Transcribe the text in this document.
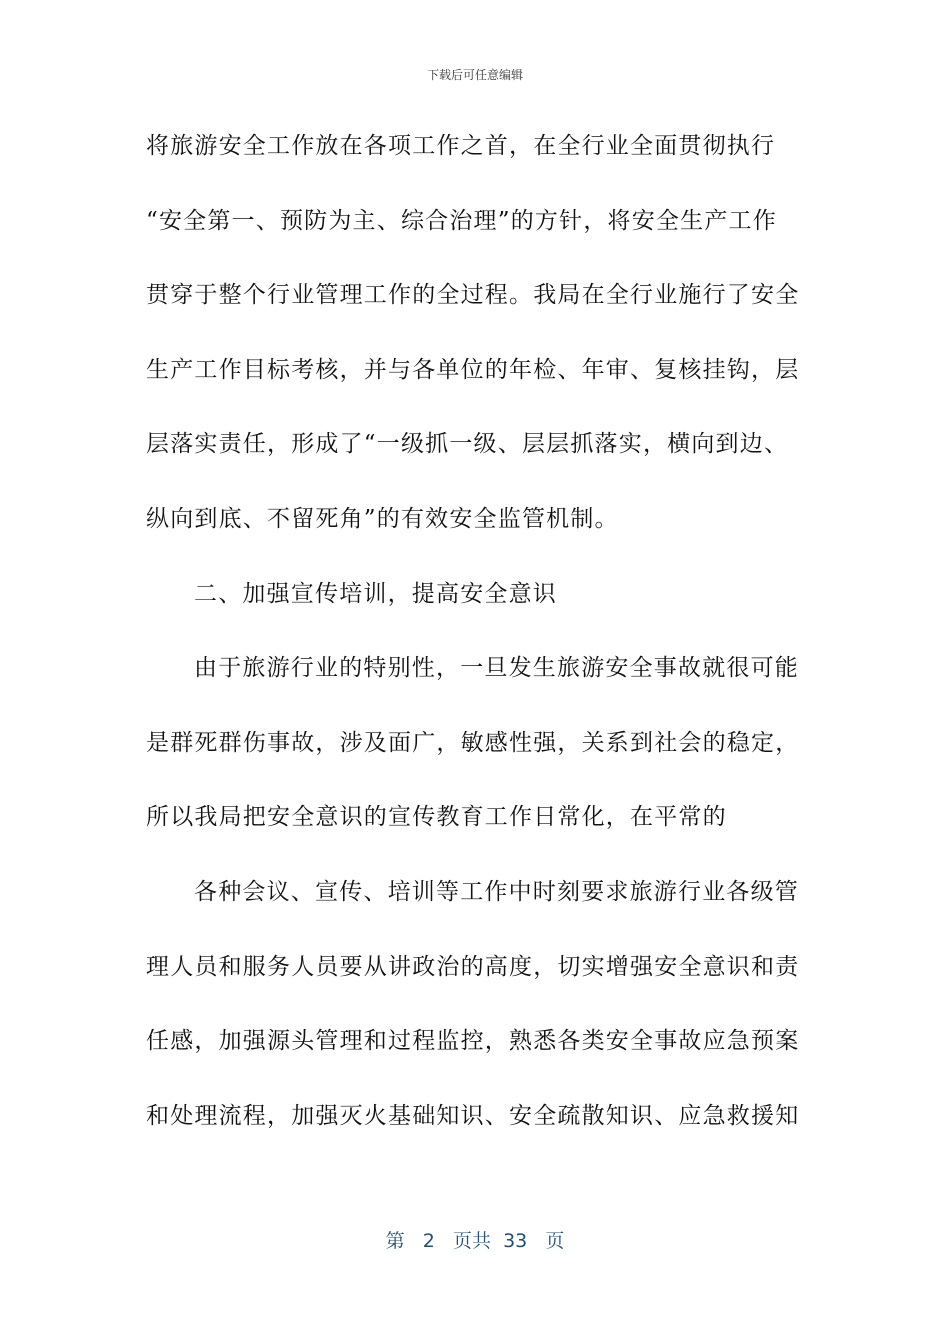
下载后可任意编辑
将旅游安全工作放在各项工作之首，在全行业全面贯彻执行
“安全第一、预防为主、综合治理”的方针，将安全生产工作
贯穿于整个行业管理工作的全过程。我局在全行业施行了安全
生产工作目标考核，并与各单位的年检、年审、复核挂钩，层
层落实责任，形成了“一级抓一级、层层抓落实，横向到边、
纵向到底、不留死角”的有效安全监管机制。
二、加强宣传培训，提高安全意识
由于旅游行业的特别性，一旦发生旅游安全事故就很可能
是群死群伤事故，涉及面广，敏感性强，关系到社会的稳定，
所以我局把安全意识的宣传教育工作日常化，在平常的
各种会议、宣传、培训等工作中时刻要求旅游行业各级管
理人员和服务人员要从讲政治的高度，切实增强安全意识和责
任感，加强源头管理和过程监控，熟悉各类安全事故应急预案
和处理流程，加强灭火基础知识、安全疏散知识、应急救援知
第 2 页共 33 页
